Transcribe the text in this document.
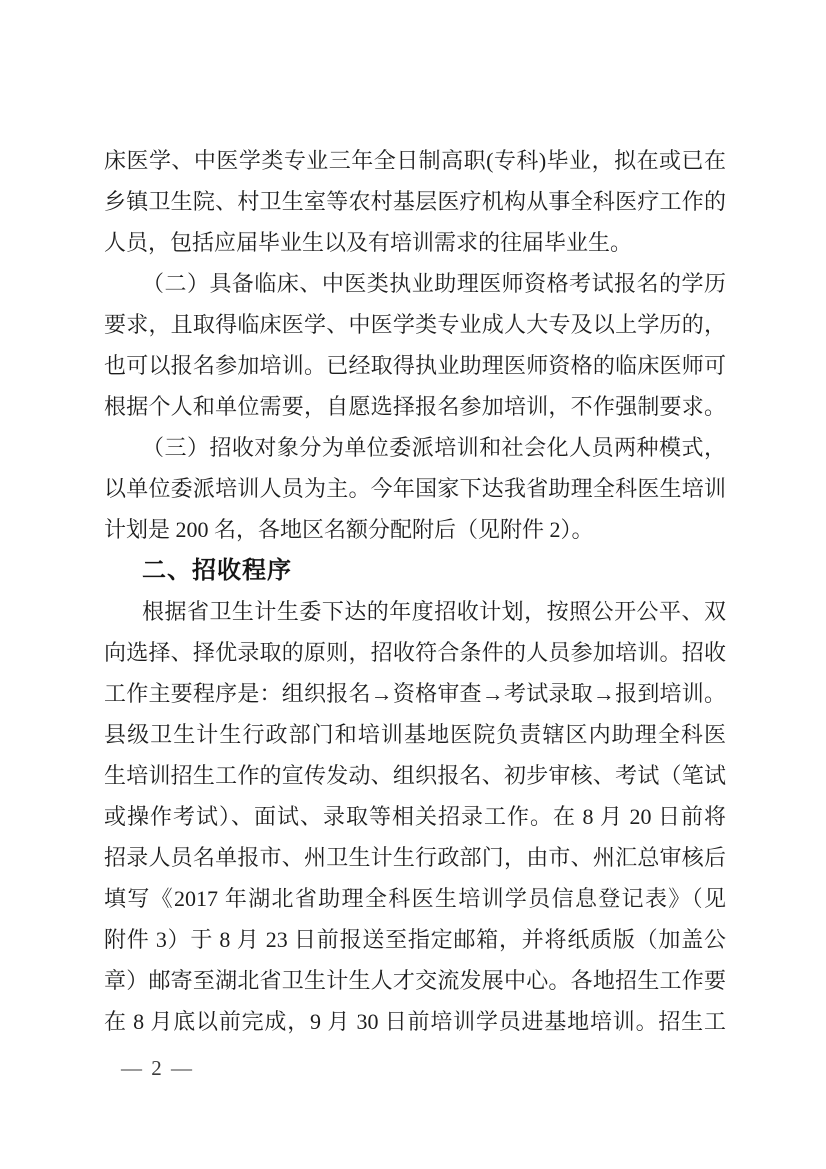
床医学、中医学类专业三年全日制高职(专科)毕业，拟在或已在
乡镇卫生院、村卫生室等农村基层医疗机构从事全科医疗工作的
人员，包括应届毕业生以及有培训需求的往届毕业生。
（二）具备临床、中医类执业助理医师资格考试报名的学历
要求，且取得临床医学、中医学类专业成人大专及以上学历的，
也可以报名参加培训。已经取得执业助理医师资格的临床医师可
根据个人和单位需要，自愿选择报名参加培训，不作强制要求。
（三）招收对象分为单位委派培训和社会化人员两种模式，
以单位委派培训人员为主。今年国家下达我省助理全科医生培训
计划是 200 名，各地区名额分配附后（见附件 2）。
二、招收程序
根据省卫生计生委下达的年度招收计划，按照公开公平、双
向选择、择优录取的原则，招收符合条件的人员参加培训。招收
工作主要程序是：组织报名→资格审查→考试录取→报到培训。
县级卫生计生行政部门和培训基地医院负责辖区内助理全科医
生培训招生工作的宣传发动、组织报名、初步审核、考试（笔试
或操作考试）、面试、录取等相关招录工作。在 8 月 20 日前将
招录人员名单报市、州卫生计生行政部门，由市、州汇总审核后
填写《2017 年湖北省助理全科医生培训学员信息登记表》（见
附件 3）于 8 月 23 日前报送至指定邮箱，并将纸质版（加盖公
章）邮寄至湖北省卫生计生人才交流发展中心。各地招生工作要
在 8 月底以前完成，9 月 30 日前培训学员进基地培训。招生工
— 2 —
